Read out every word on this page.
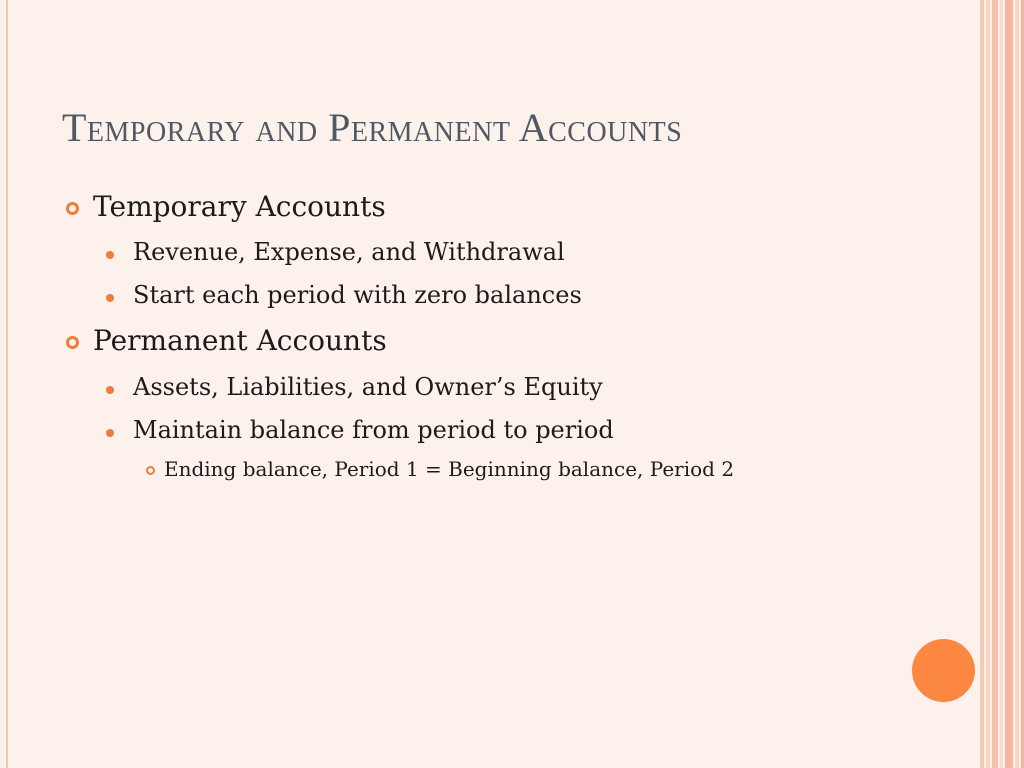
Temporary and Permanent Accounts
Temporary Accounts
Revenue, Expense, and Withdrawal
Start each period with zero balances
Permanent Accounts
Assets, Liabilities, and Owner’s Equity
Maintain balance from period to period
Ending balance, Period 1 = Beginning balance, Period 2
